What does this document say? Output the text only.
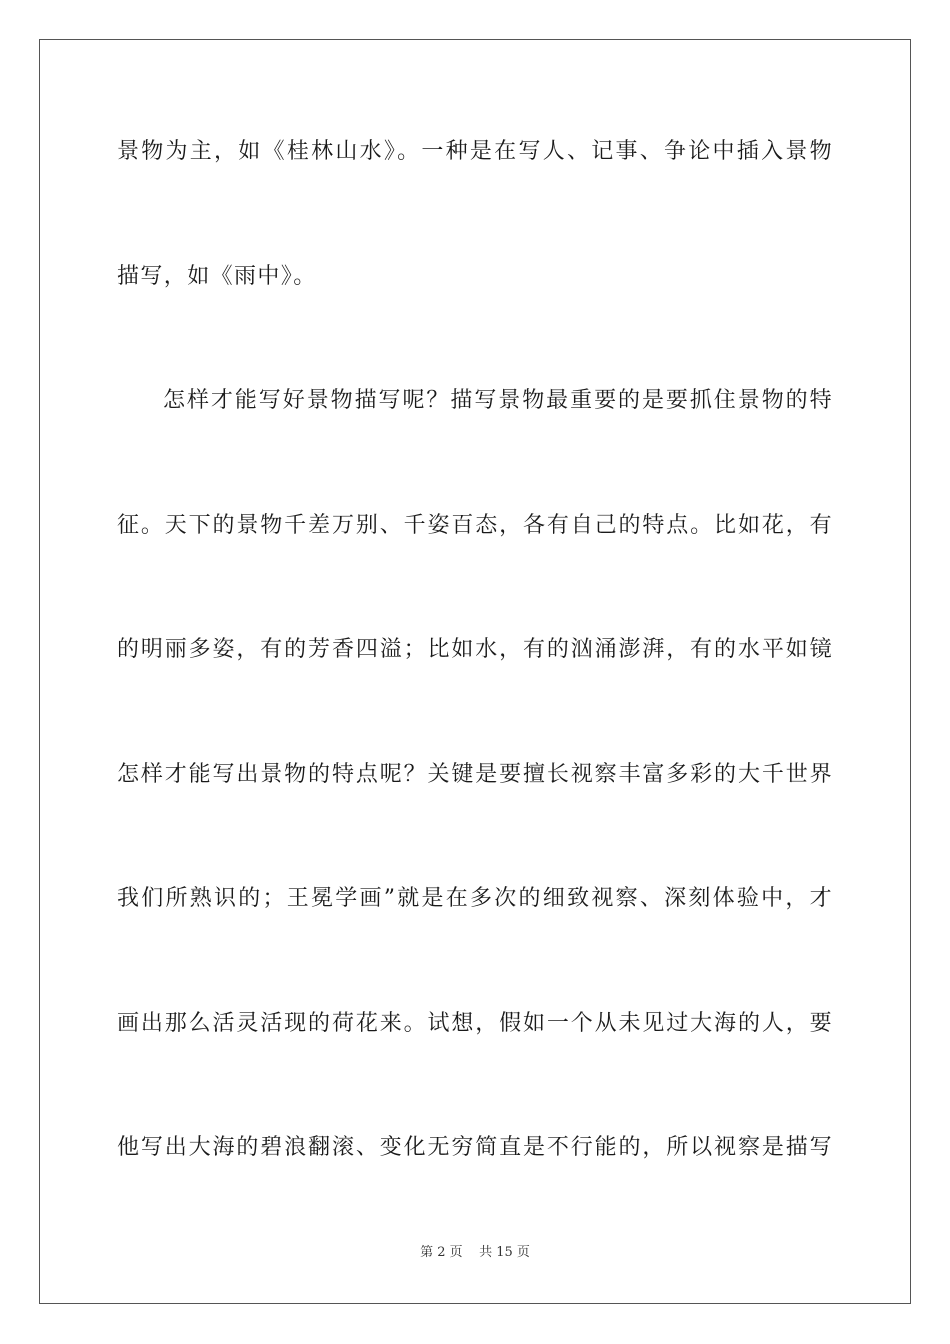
景物为主，如《桂林山水》。一种是在写人、记事、争论中插入景物
描写，如《雨中》。
怎样才能写好景物描写呢？描写景物最重要的是要抓住景物的特
征。天下的景物千差万别、千姿百态，各有自己的特点。比如花，有
的明丽多姿，有的芳香四溢；比如水，有的汹涌澎湃，有的水平如镜
怎样才能写出景物的特点呢？关键是要擅长视察丰富多彩的大千世界
我们所熟识的；王冕学画”就是在多次的细致视察、深刻体验中，才
画出那么活灵活现的荷花来。试想，假如一个从未见过大海的人，要
他写出大海的碧浪翻滚、变化无穷简直是不行能的，所以视察是描写
第 2 页    共 15 页
